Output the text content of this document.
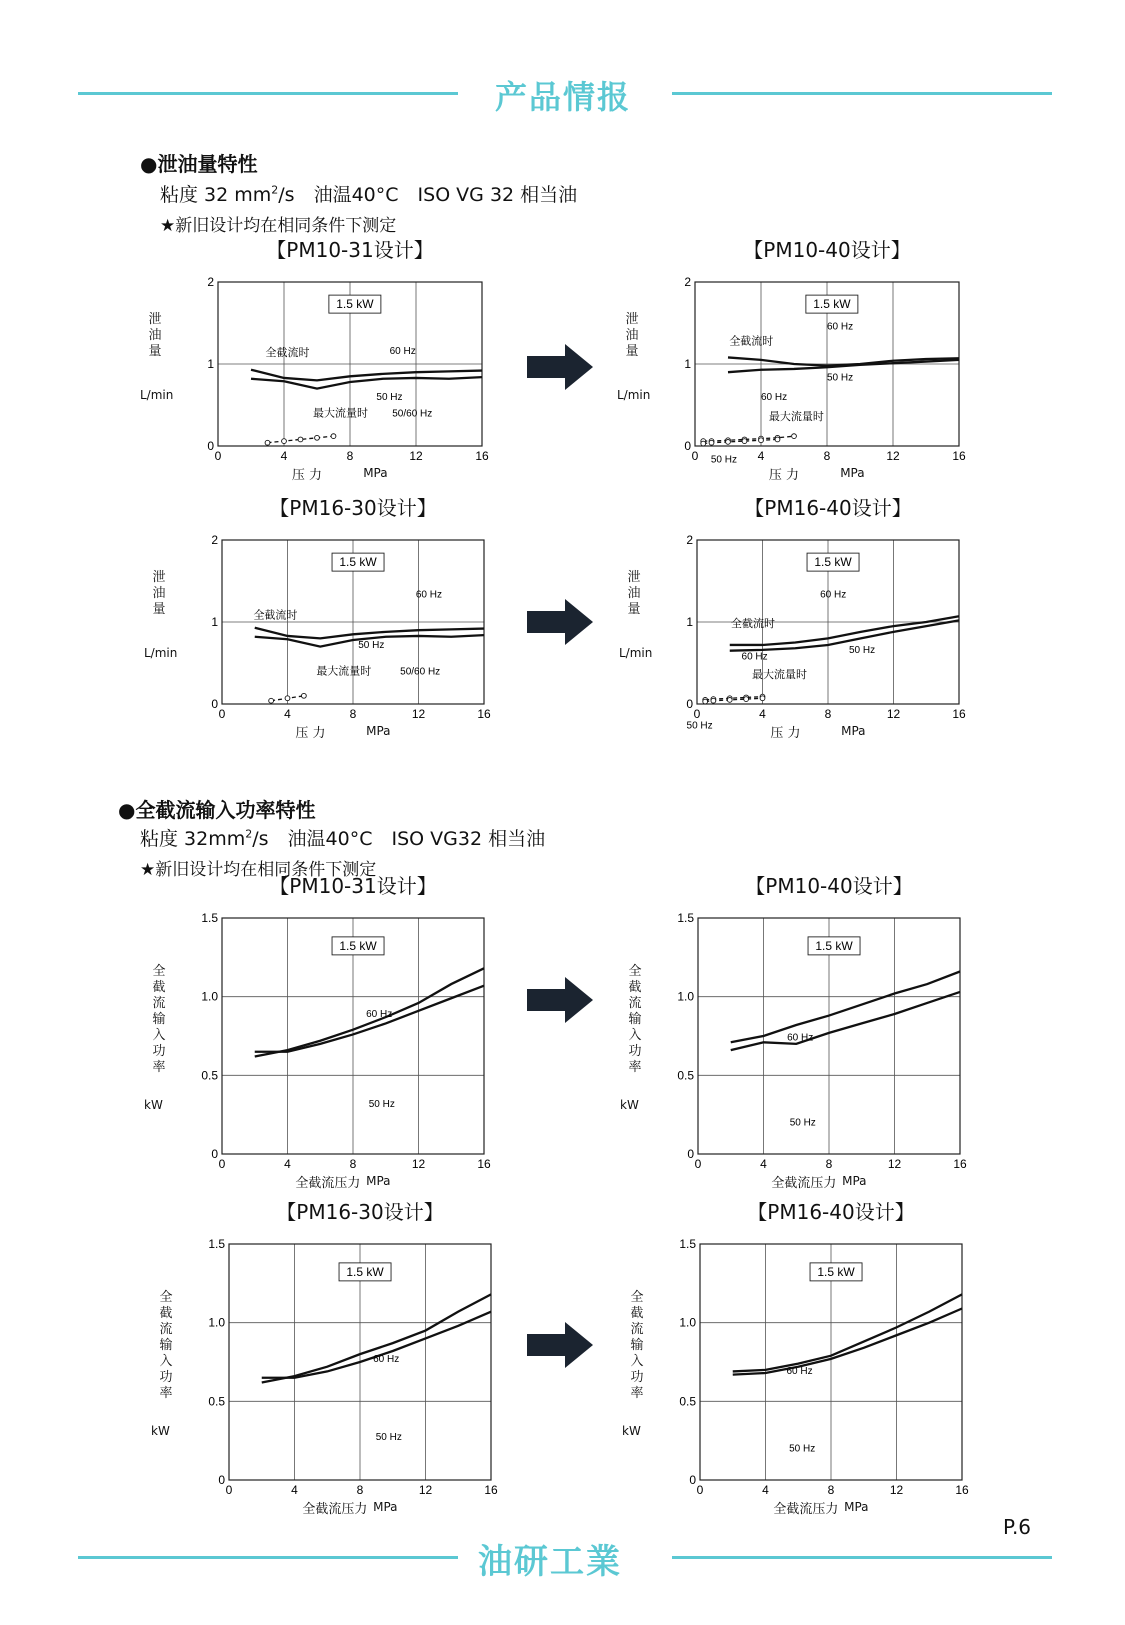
产品情报
●泄油量特性
粘度 32 $mm^2/s$　油温40°C　ISO VG 32 相当油
★新旧设计均在相同条件下测定
●全截流输入功率特性
粘度 $32mm^2/s$　油温40°C　ISO VG32 相当油
★新旧设计均在相同条件下测定
0	4	8	12	16
0
1
2
1.5 kW
全截流时	60 Hz
50 Hz
最大流量时 50/60 Hz
【PM10-31设计】
泄
油
量
L/min
压 力	MPa
0	4	8	12	16
0
1
2
1.5 kW
全截流时
60 Hz
50 Hz
60 Hz
最大流量时
50 Hz
【PM10-40设计】
泄
油
量
L/min
压 力	MPa
0	4	8	12	16
0
1
2
1.5 kW
全截流时
60 Hz
50 Hz
最大流量时	50/60 Hz
【PM16-30设计】
泄
油
量
L/min
压 力	MPa
0	4	8	12	16
0
1
2
1.5 kW
60 Hz
全截流时
50 Hz
60 Hz
最大流量时
50 Hz
【PM16-40设计】
泄
油
量
L/min
压 力	MPa
0	4	8	12	16
0
0.5
1.0
1.5
1.5 kW
60 Hz
50 Hz
【PM10-31设计】
全
截
流
输
入
功
率
kW
全截流压力 MPa
0	4	8	12	16
0
0.5
1.0
1.5
1.5 kW
60 Hz
50 Hz
【PM10-40设计】
全
截
流
输
入
功
率
kW
全截流压力 MPa
0	4	8	12	16
0
0.5
1.0
1.5
1.5 kW
60 Hz
50 Hz
【PM16-30设计】
全
截
流
输
入
功
率
kW
全截流压力 MPa
0	4	8	12	16
0
0.5
1.0
1.5
1.5 kW
60 Hz
50 Hz
【PM16-40设计】
全
截
流
输
入
功
率
kW
全截流压力 MPa
P.6
油研工業
